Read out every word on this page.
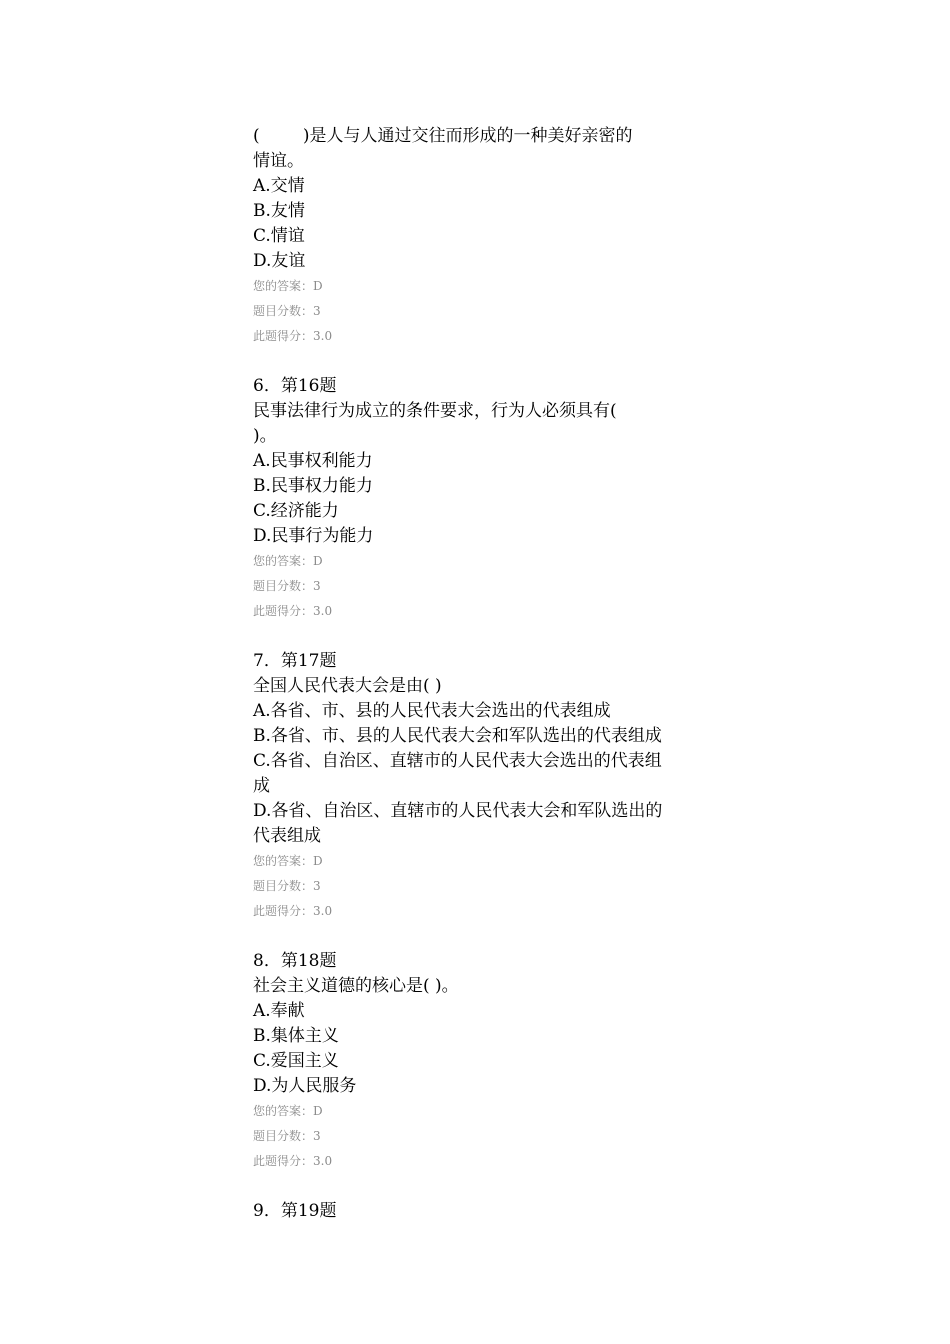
(        )是人与人通过交往而形成的一种美好亲密的
情谊。
A.交情
B.友情
C.情谊
D.友谊
您的答案：D
题目分数：3
此题得分：3.0
6．第16题
民事法律行为成立的条件要求，行为人必须具有(
)。
A.民事权利能力
B.民事权力能力
C.经济能力
D.民事行为能力
您的答案：D
题目分数：3
此题得分：3.0
7．第17题
全国人民代表大会是由( )
A.各省、市、县的人民代表大会选出的代表组成
B.各省、市、县的人民代表大会和军队选出的代表组成
C.各省、自治区、直辖市的人民代表大会选出的代表组
成
D.各省、自治区、直辖市的人民代表大会和军队选出的
代表组成
您的答案：D
题目分数：3
此题得分：3.0
8．第18题
社会主义道德的核心是( )。
A.奉献
B.集体主义
C.爱国主义
D.为人民服务
您的答案：D
题目分数：3
此题得分：3.0
9．第19题
